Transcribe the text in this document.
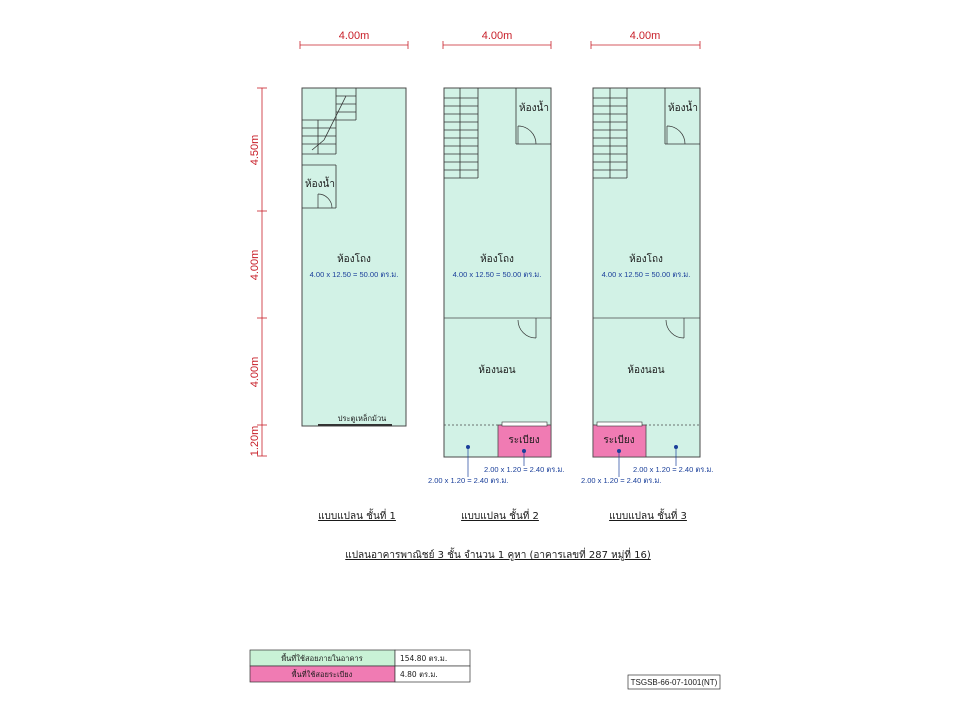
4.00m	4.00m	4.00m
4.50m
4.00m
4.00m
1.20m
ห้องน้ำ
ห้องโถง
4.00 x 12.50 = 50.00 ตร.ม.
ประตูเหล็กม้วน
ห้องน้ำ
ห้องโถง
4.00 x 12.50 = 50.00 ตร.ม.
ห้องนอน
ระเบียง
2.00 x 1.20 = 2.40 ตร.ม.
2.00 x 1.20 = 2.40 ตร.ม.
ห้องน้ำ
ห้องโถง
4.00 x 12.50 = 50.00 ตร.ม.
ห้องนอน
ระเบียง
2.00 x 1.20 = 2.40 ตร.ม.
2.00 x 1.20 = 2.40 ตร.ม.
แบบแปลน ชั้นที่ 1	แบบแปลน ชั้นที่ 2	แบบแปลน ชั้นที่ 3
แปลนอาคารพาณิชย์ 3 ชั้น จำนวน 1 คูหา (อาคารเลขที่ 287 หมู่ที่ 16)
พื้นที่ใช้สอยภายในอาคาร	154.80 ตร.ม.
พื้นที่ใช้สอยระเบียง	4.80 ตร.ม.
TSGSB-66-07-1001(NT)
